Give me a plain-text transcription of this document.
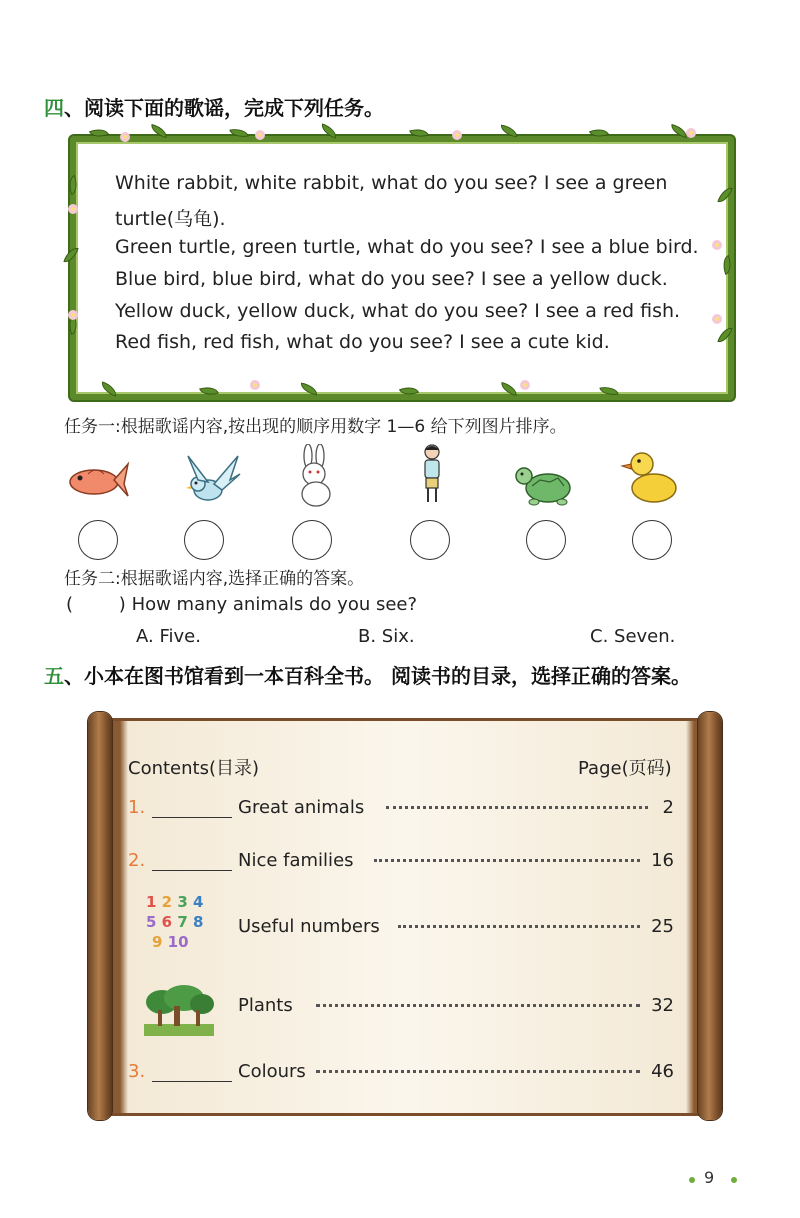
四、阅读下面的歌谣，完成下列任务。
White rabbit, white rabbit, what do you see? I see a green
turtle(乌龟).
Green turtle, green turtle, what do you see? I see a blue bird.
Blue bird, blue bird, what do you see? I see a yellow duck.
Yellow duck, yellow duck, what do you see? I see a red fish.
Red fish, red fish, what do you see? I see a cute kid.
任务一:根据歌谣内容,按出现的顺序用数字 1—6 给下列图片排序。
任务二:根据歌谣内容,选择正确的答案。
(        ) How many animals do you see?
A. Five.	B. Six.	C. Seven.
五、小本在图书馆看到一本百科全书。 阅读书的目录，选择正确的答案。
Contents(目录)	Page(页码)
1.	Great animals	2
2.	Nice families	16
1 2 3 4
5 6 7 8
9 10
Useful numbers	25
Plants	32
3.	Colours	46
9
